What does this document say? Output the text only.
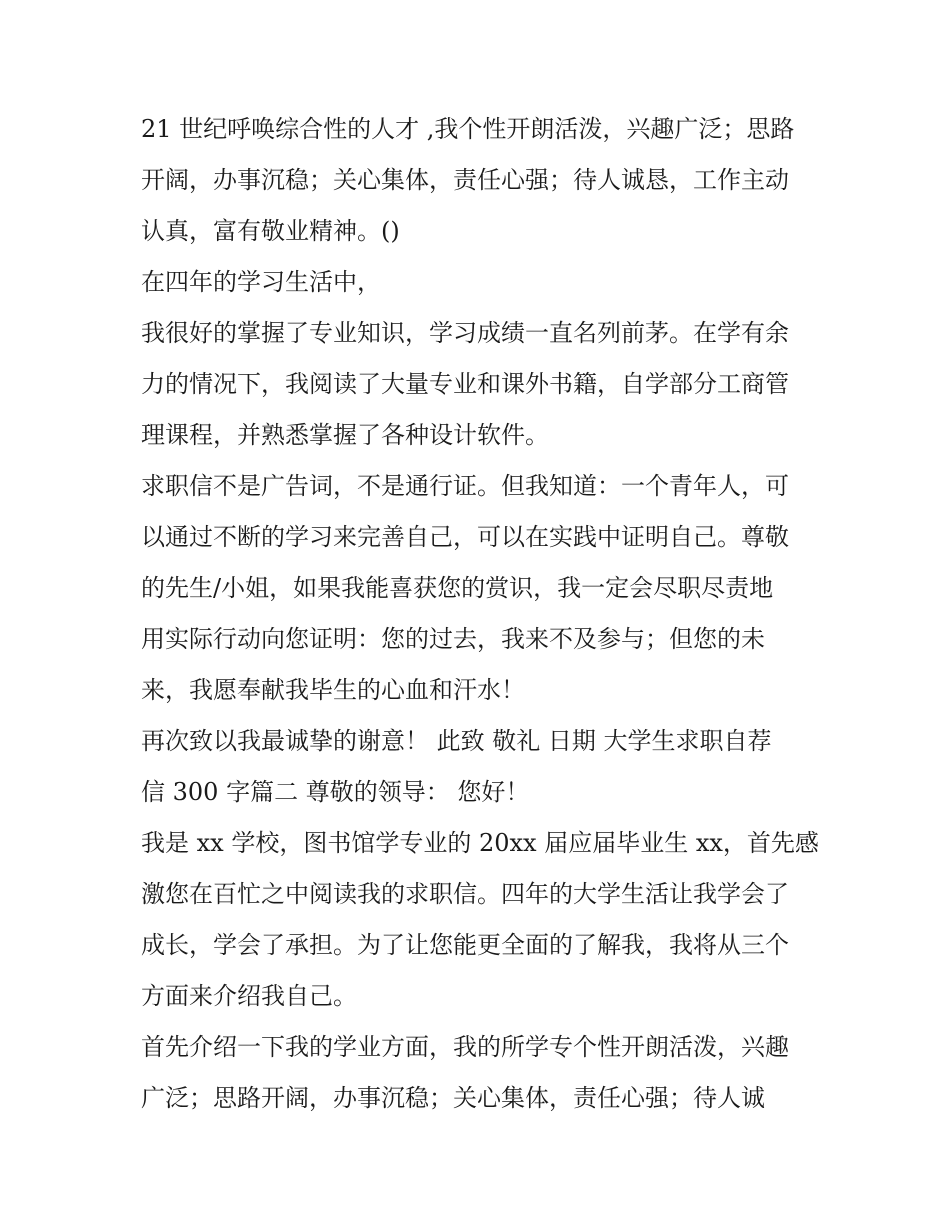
21 世纪呼唤综合性的人才 ,我个性开朗活泼，兴趣广泛；思路
开阔，办事沉稳；关心集体，责任心强；待人诚恳，工作主动
认真，富有敬业精神。()
在四年的学习生活中，
我很好的掌握了专业知识，学习成绩一直名列前茅。在学有余
力的情况下，我阅读了大量专业和课外书籍，自学部分工商管
理课程，并熟悉掌握了各种设计软件。
求职信不是广告词，不是通行证。但我知道：一个青年人，可
以通过不断的学习来完善自己，可以在实践中证明自己。尊敬
的先生/小姐，如果我能喜获您的赏识，我一定会尽职尽责地
用实际行动向您证明：您的过去，我来不及参与；但您的未
来，我愿奉献我毕生的心血和汗水！
再次致以我最诚挚的谢意！ 此致 敬礼 日期 大学生求职自荐
信 300 字篇二 尊敬的领导： 您好！
我是 xx 学校，图书馆学专业的 20xx 届应届毕业生 xx，首先感
激您在百忙之中阅读我的求职信。四年的大学生活让我学会了
成长，学会了承担。为了让您能更全面的了解我，我将从三个
方面来介绍我自己。
首先介绍一下我的学业方面，我的所学专个性开朗活泼，兴趣
广泛；思路开阔，办事沉稳；关心集体，责任心强；待人诚
